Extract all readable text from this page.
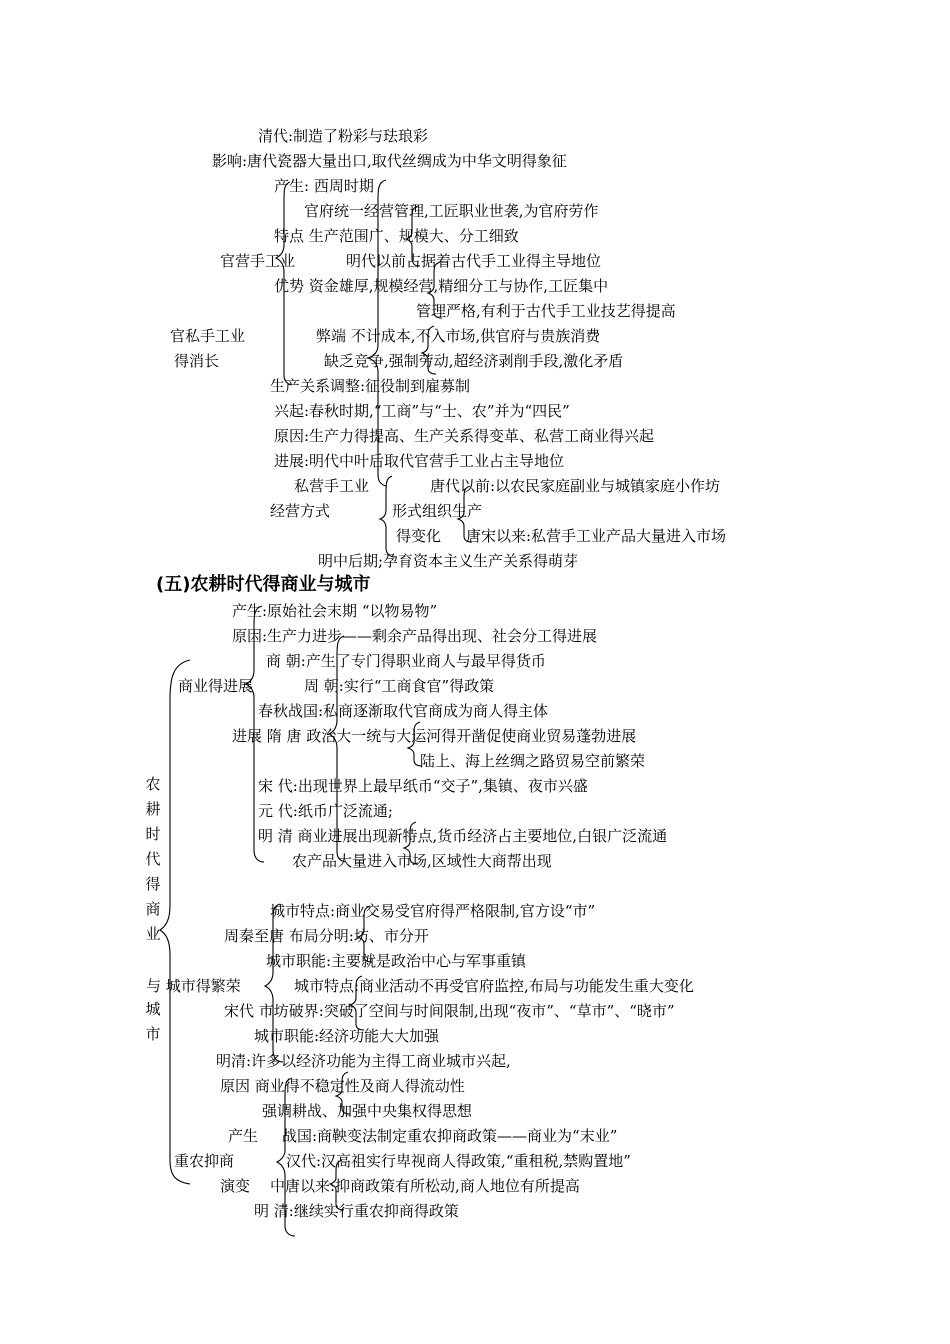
清代:制造了粉彩与珐琅彩
影响:唐代瓷器大量出口,取代丝绸成为中华文明得象征
产生: 西周时期
官府统一经营管理,工匠职业世袭,为官府劳作
特点 生产范围广、规模大、分工细致
官营手工业	明代以前占据着古代手工业得主导地位
优势 资金雄厚,规模经营,精细分工与协作,工匠集中
管理严格,有利于古代手工业技艺得提高
官私手工业	弊端 不计成本,不入市场,供官府与贵族消费
得消长	缺乏竞争,强制劳动,超经济剥削手段,激化矛盾
生产关系调整:征役制到雇募制
兴起:春秋时期,“工商”与“士、农”并为“四民”
原因:生产力得提高、生产关系得变革、私营工商业得兴起
进展:明代中叶后取代官营手工业占主导地位
私营手工业	唐代以前:以农民家庭副业与城镇家庭小作坊
经营方式	形式组织生产
得变化 唐宋以来:私营手工业产品大量进入市场
明中后期;孕育资本主义生产关系得萌芽
(五)农耕时代得商业与城市
产生:原始社会末期 “以物易物”
原因:生产力进步——剩余产品得出现、社会分工得进展
商 朝:产生了专门得职业商人与最早得货币
商业得进展	周 朝:实行“工商食官”得政策
春秋战国:私商逐渐取代官商成为商人得主体
进展 隋 唐 政治大一统与大运河得开凿促使商业贸易蓬勃进展
陆上、海上丝绸之路贸易空前繁荣
宋 代:出现世界上最早纸币“交子”,集镇、夜市兴盛
元 代:纸币广泛流通;
明 清 商业进展出现新特点,货币经济占主要地位,白银广泛流通
农产品大量进入市场,区域性大商帮出现
城市特点:商业交易受官府得严格限制,官方设“市”
周秦至唐 布局分明:坊、市分开
城市职能:主要就是政治中心与军事重镇
与 城市得繁荣	城市特点:商业活动不再受官府监控,布局与功能发生重大变化
宋代 市坊破界:突破了空间与时间限制,出现“夜市”、“草市”、“晓市”
城市职能:经济功能大大加强
明清:许多以经济功能为主得工商业城市兴起,
原因 商业得不稳定性及商人得流动性
强调耕战、加强中央集权得思想
产生 战国:商鞅变法制定重农抑商政策——商业为“末业”
重农抑商	汉代:汉高祖实行卑视商人得政策,“重租税,禁购置地”
演变 中唐以来:抑商政策有所松动,商人地位有所提高
明 清:继续实行重农抑商得政策
农
耕
时
代
得
商
业
城
市
